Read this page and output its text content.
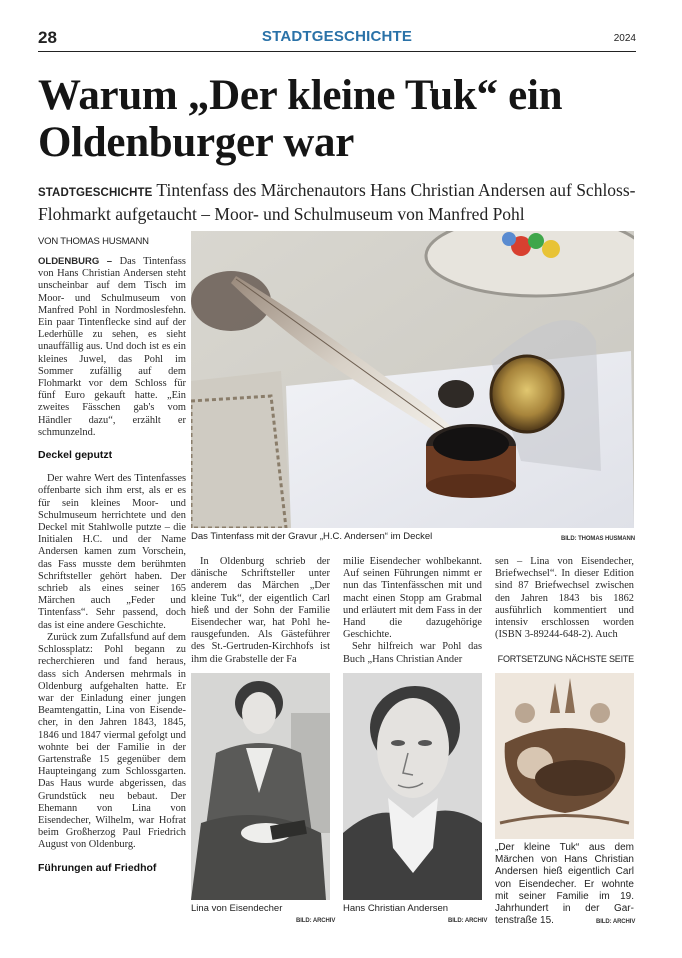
28	STADTGESCHICHTE	2024
Warum „Der kleine Tuk“ ein
Oldenburger war
STADTGESCHICHTE Tintenfass des Märchenautors Hans Christian Andersen auf Schloss-Flohmarkt aufgetaucht – Moor- und Schulmuseum von Manfred Pohl
VON THOMAS HUSMANN

OLDENBURG – Das Tintenfass von Hans Christian Andersen steht unscheinbar auf dem Tisch im Moor- und Schulmuseum von Manfred Pohl in Nordmoslesfehn. Ein paar Tintenflecke sind auf der Lederhülle zu sehen, es sieht unauffällig aus. Und doch ist es ein kleines Juwel, das Pohl im Sommer zufällig auf dem Flohmarkt vor dem Schloss für fünf Euro gekauft hatte. „Ein zweites Fässchen gab's vom Händler dazu“, erzählt er schmunzelnd.

Deckel geputzt

Der wahre Wert des Tintenfasses offenbarte sich ihm erst, als er es für sein kleines Moor- und Schulmuseum herrichtete und den Deckel mit Stahlwolle putzte – die Initialen H.C. und der Name Andersen kamen zum Vorschein, das Fass musste dem berühmten Schriftsteller gehört haben. Der schrieb als eines seiner 165 Märchen auch „Feder und Tintenfass“. Sehr passend, doch das ist eine andere Geschichte.

Zurück zum Zufallsfund auf dem Schlossplatz: Pohl begann zu recherchieren und fand heraus, dass sich Andersen mehrmals in Oldenburg aufgehalten hatte. Er war der Einladung einer jungen Beamtengattin, Lina von Eisendecher, in den Jahren 1843, 1845, 1846 und 1847 viermal gefolgt und wohnte bei der Familie in der Gartenstraße 15 gegenüber dem Haupteingang zum Schlossgarten. Das Haus wurde abgerissen, das Grundstück neu bebaut. Der Ehemann von Lina von Eisendecher, Wilhelm, war Hofrat beim Großherzog Paul Friedrich August von Oldenburg.

Führungen auf Friedhof
Das Tintenfass mit der Gravur „H.C. Andersen“ im Deckel	BILD: THOMAS HUSMANN

In Oldenburg schrieb der dänische Schriftsteller unter anderem das Märchen „Der kleine Tuk“, der eigentlich Carl hieß und der Sohn der Familie Eisendecher war, hat Pohl herausgefunden. Als Gästeführer des St.-Gertruden-Kirchhofs ist ihm die Grabstelle der Fa

milie Eisendecher wohlbekannt. Auf seinen Führungen nimmt er nun das Tintenfässchen mit und macht einen Stopp am Grabmal und erläutert mit dem Fass in der Hand die dazugehörige Geschichte.

Sehr hilfreich war Pohl das Buch „Hans Christian Ander

sen – Lina von Eisendecher, Briefwechsel“. In dieser Edition sind 87 Briefwechsel zwischen den Jahren 1843 bis 1862 ausführlich kommentiert und intensiv erschlossen worden (ISBN 3-89244-648-2). Auch

FORTSETZUNG NÄCHSTE SEITE
Lina von Eisendecher
BILD: ARCHIV
Hans Christian Andersen
BILD: ARCHIV
„Der kleine Tuk“ aus dem Märchen von Hans Christian Andersen hieß eigentlich Carl von Eisendecher. Er wohnte mit seiner Familie im 19. Jahrhundert in der Gartenstraße 15.	BILD: ARCHIV
